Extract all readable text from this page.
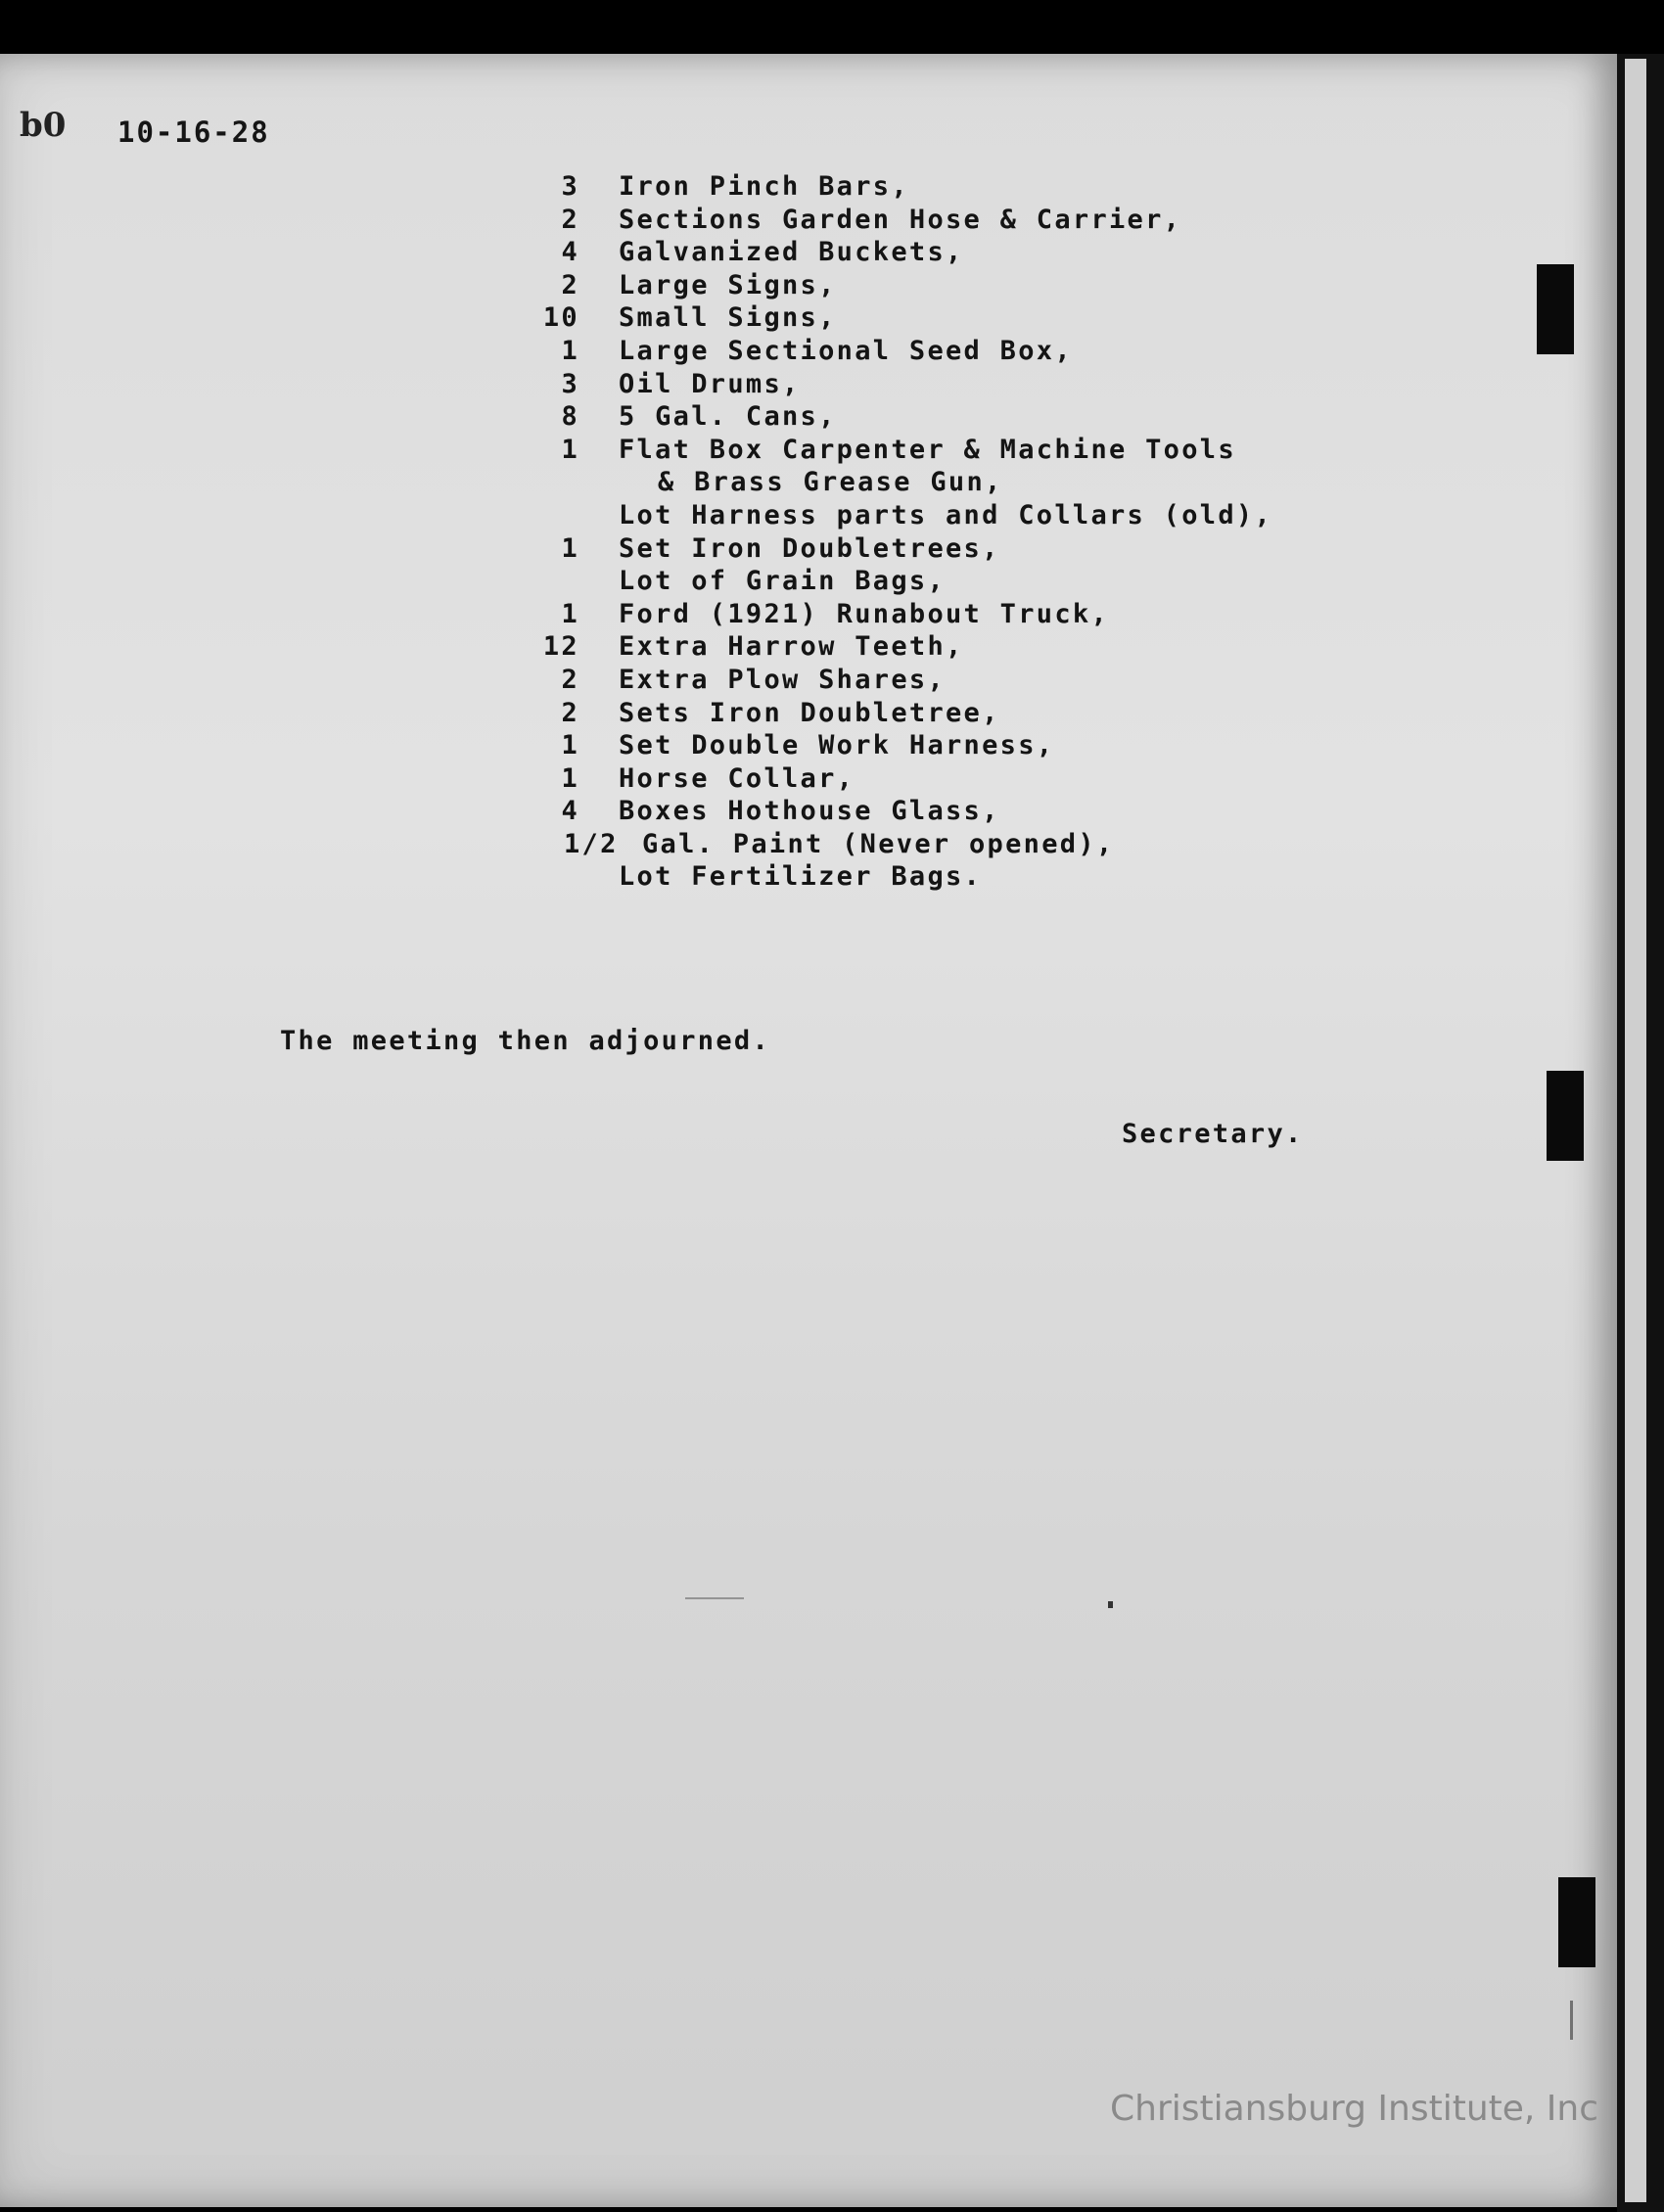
b0 10-16-28
3 Iron Pinch Bars,
2 Sections Garden Hose & Carrier,
4 Galvanized Buckets,
2 Large Signs,
10 Small Signs,
1 Large Sectional Seed Box,
3 Oil Drums,
8 5 Gal. Cans,
1 Flat Box Carpenter & Machine Tools
& Brass Grease Gun,
Lot Harness parts and Collars (old),
1 Set Iron Doubletrees,
Lot of Grain Bags,
1 Ford (1921) Runabout Truck,
12 Extra Harrow Teeth,
2 Extra Plow Shares,
2 Sets Iron Doubletree,
1 Set Double Work Harness,
1 Horse Collar,
4 Boxes Hothouse Glass,
1/2 Gal. Paint (Never opened),
Lot Fertilizer Bags.
The meeting then adjourned.
Secretary.
Christiansburg Institute, Inc
